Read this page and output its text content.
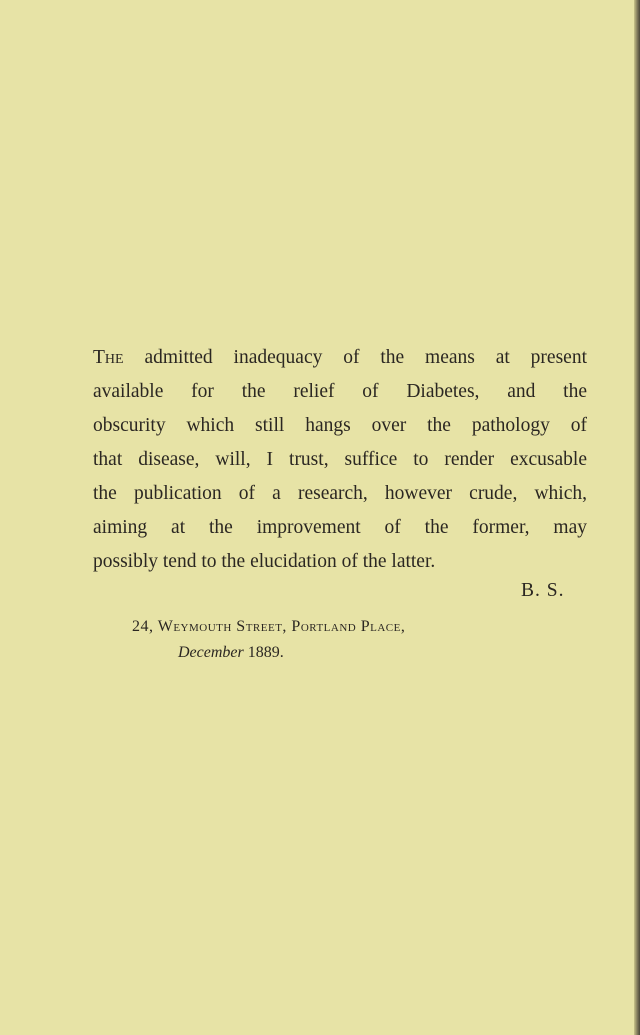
The admitted inadequacy of the means at present
available for the relief of Diabetes, and the
obscurity which still hangs over the pathology of
that disease, will, I trust, suffice to render excusable
the publication of a research, however crude, which,
aiming at the improvement of the former, may
possibly tend to the elucidation of the latter.
B. S.
24, Weymouth Street, Portland Place,
December 1889.
